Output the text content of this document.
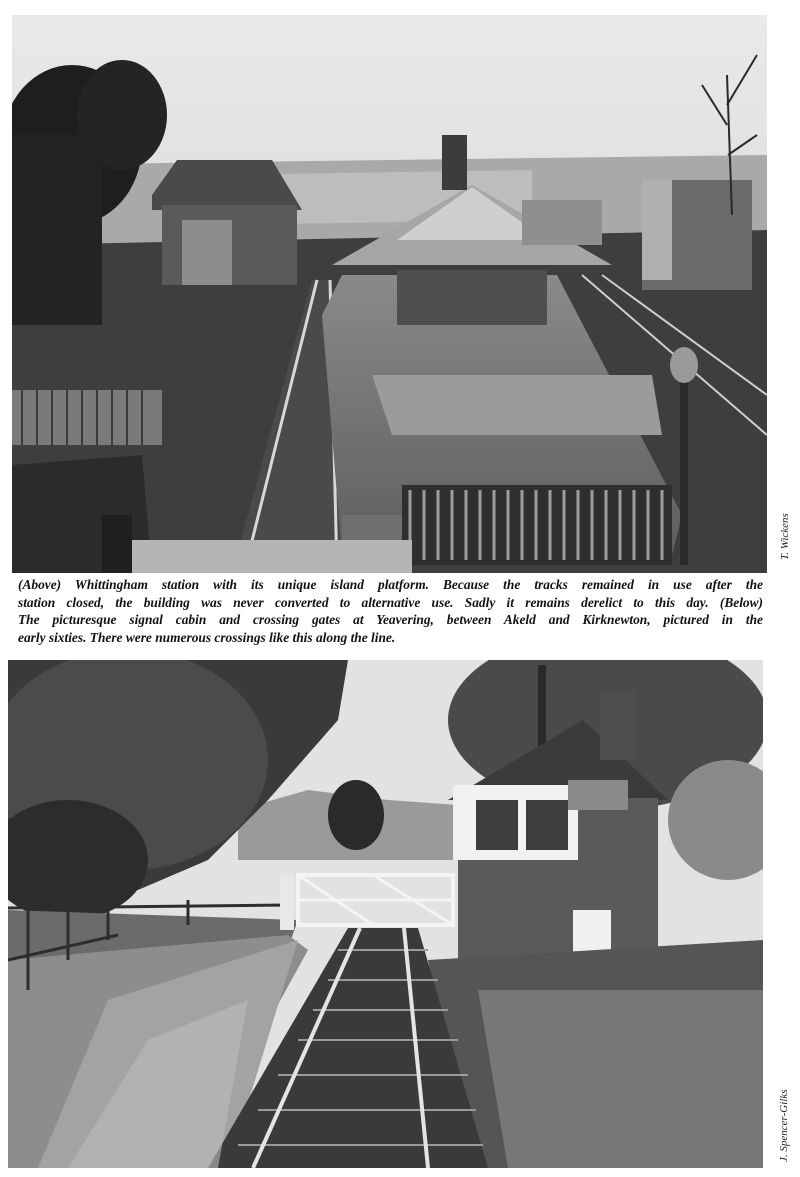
T. Wickens
(Above) Whittingham station with its unique island platform. Because the tracks remained in use after the
station closed, the building was never converted to alternative use. Sadly it remains derelict to this day. (Below)
The picturesque signal cabin and crossing gates at Yeavering, between Akeld and Kirknewton, pictured in the
early sixties. There were numerous crossings like this along the line.
J. Spencer-Gilks
